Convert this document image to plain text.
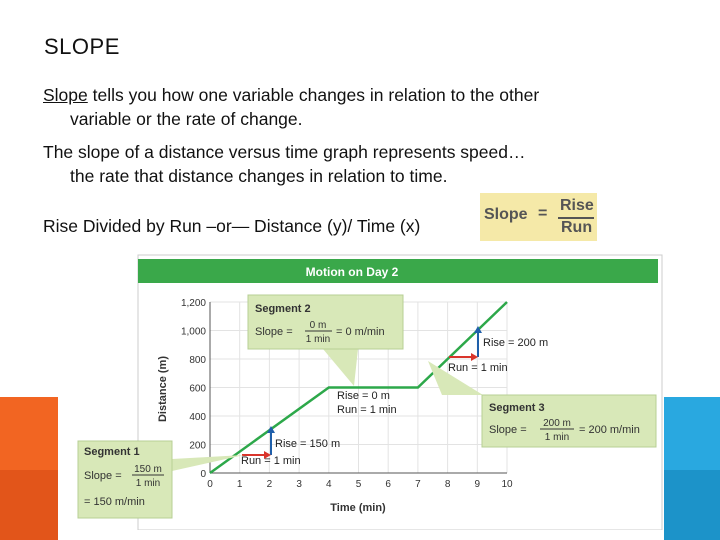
SLOPE
Slope tells you how one variable changes in relation to the other
variable or the rate of change.
The slope of a distance versus time graph represents speed…
the rate that distance changes in relation to time.
Rise Divided by Run –or— Distance (y)/ Time (x)
Slope = Rise
Run
Motion on Day 2
0
200
400
600
800
1,000
1,200
0 1 2 3 4 5 6 7 8 9 10
Distance (m)
Time (min)
Rise = 150 m
Run = 1 min
Rise = 0 m
Run = 1 min
Rise = 200 m
Run = 1 min
Segment 2
Slope =
0 m
1 min
= 0 m/min
Segment 3
Slope =
200 m
1 min
= 200 m/min
Segment 1
Slope =
150 m
1 min
= 150 m/min
